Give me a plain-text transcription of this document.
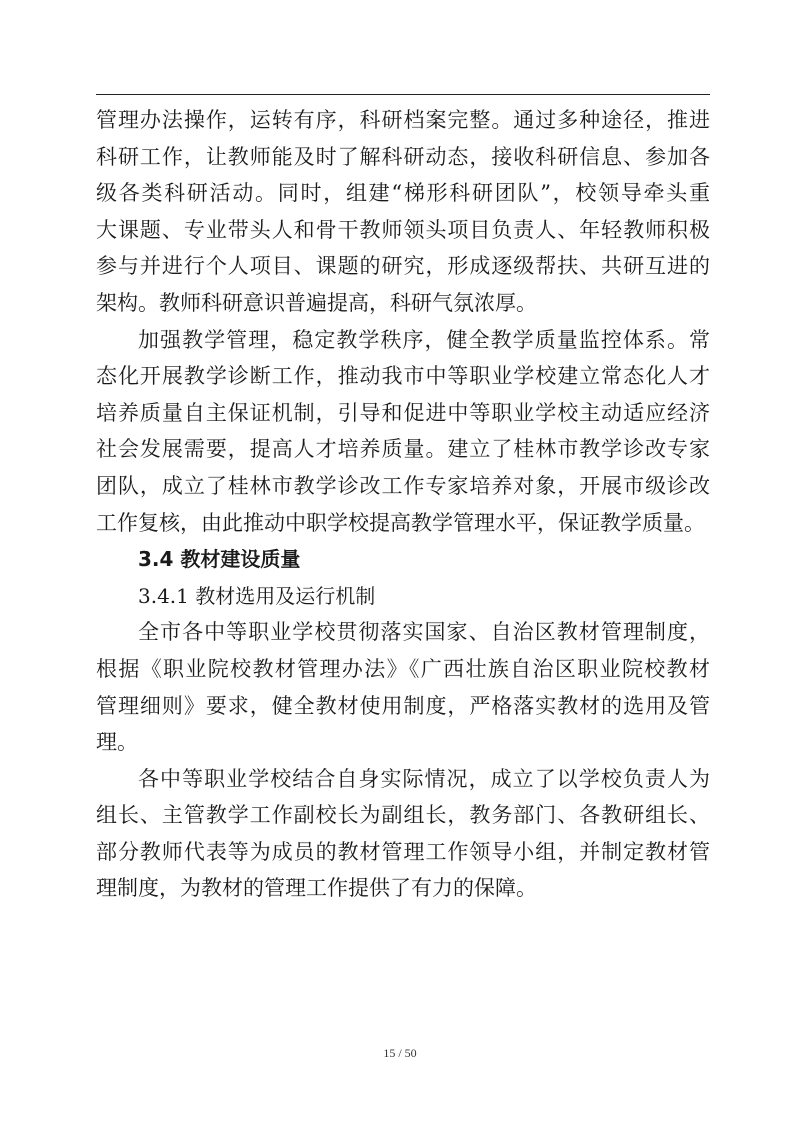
管理办法操作，运转有序，科研档案完整。通过多种途径，推进
科研工作，让教师能及时了解科研动态，接收科研信息、参加各
级各类科研活动。同时，组建“梯形科研团队”，校领导牵头重
大课题、专业带头人和骨干教师领头项目负责人、年轻教师积极
参与并进行个人项目、课题的研究，形成逐级帮扶、共研互进的
架构。教师科研意识普遍提高，科研气氛浓厚。
加强教学管理，稳定教学秩序，健全教学质量监控体系。常
态化开展教学诊断工作，推动我市中等职业学校建立常态化人才
培养质量自主保证机制，引导和促进中等职业学校主动适应经济
社会发展需要，提高人才培养质量。建立了桂林市教学诊改专家
团队，成立了桂林市教学诊改工作专家培养对象，开展市级诊改
工作复核，由此推动中职学校提高教学管理水平，保证教学质量。
3.4 教材建设质量
3.4.1 教材选用及运行机制
全市各中等职业学校贯彻落实国家、自治区教材管理制度，
根据《职业院校教材管理办法》《广西壮族自治区职业院校教材
管理细则》要求，健全教材使用制度，严格落实教材的选用及管
理。
各中等职业学校结合自身实际情况，成立了以学校负责人为
组长、主管教学工作副校长为副组长，教务部门、各教研组长、
部分教师代表等为成员的教材管理工作领导小组，并制定教材管
理制度，为教材的管理工作提供了有力的保障。
15 / 50
